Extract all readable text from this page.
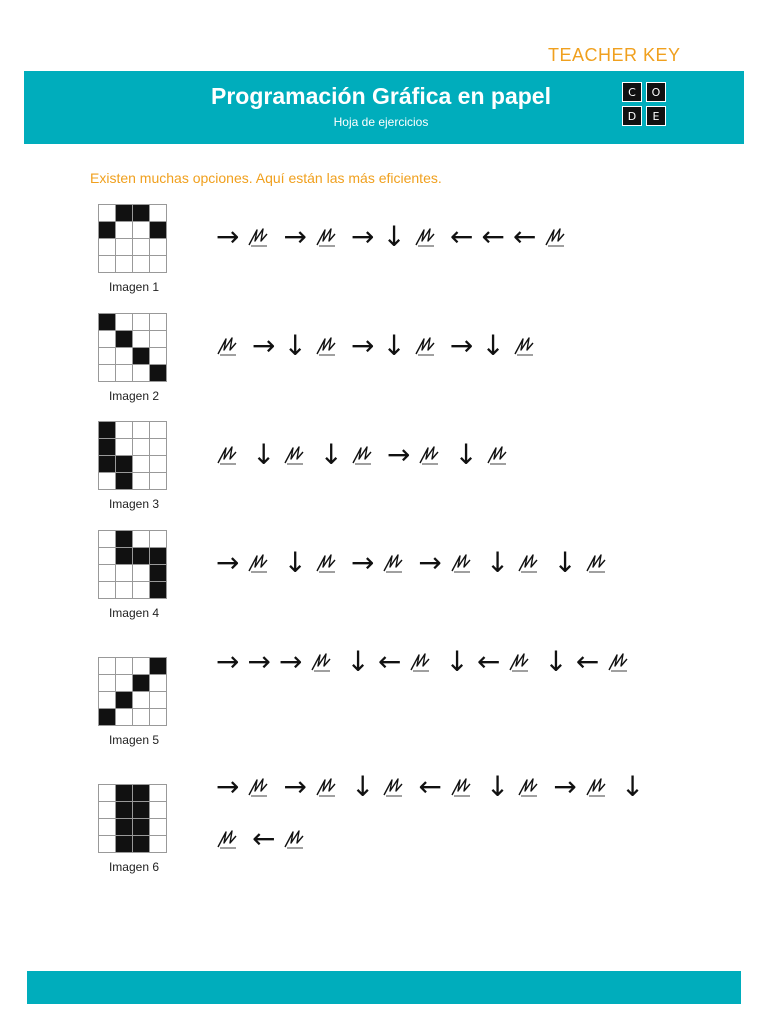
TEACHER KEY
Programación Gráfica en papel
Hoja de ejercicios
C	O
D	E
Existen muchas opciones. Aquí están las más eficientes.
Imagen 1
→ → → ↓ ← ← ←
Imagen 2
→ ↓ → ↓ → ↓
Imagen 3
↓ ↓ → ↓
Imagen 4
→ ↓ → → ↓ ↓
Imagen 5
→ → → ↓ ← ↓ ← ↓ ←
Imagen 6
→ → ↓ ← ↓ → ↓
←
